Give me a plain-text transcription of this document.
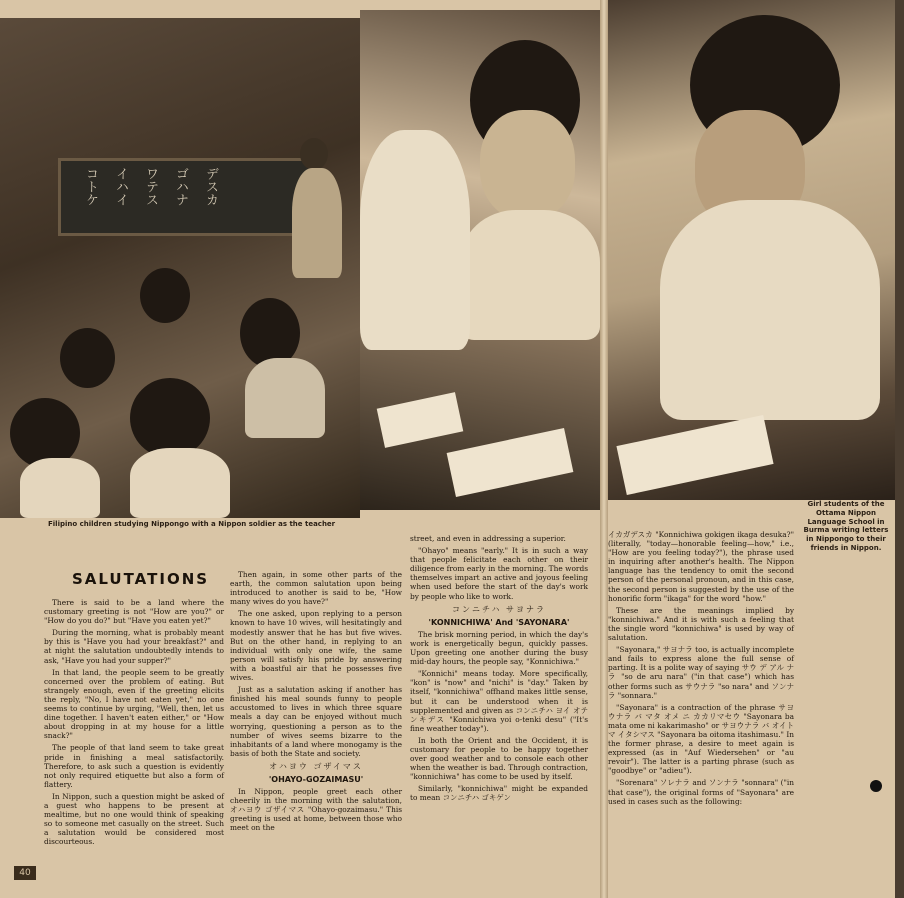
コトケ イハイ ワテス ゴハナ デスカ
Filipino children studying Nippongo with a Nippon soldier as the teacher
Girl students of the Ottama Nippon Language School in Burma writing letters in Nippongo to their friends in Nippon.
SALUTATIONS

There is said to be a land where the customary greeting is not "How are you?" or "How do you do?" but "Have you eaten yet?"

During the morning, what is probably meant by this is "Have you had your breakfast?" and at night the salutation undoubtedly intends to ask, "Have you had your supper?"

In that land, the people seem to be greatly concerned over the problem of eating. But strangely enough, even if the greeting elicits the reply, "No, I have not eaten yet," no one seems to continue by urging, "Well, then, let us dine together. I haven't eaten either," or "How about dropping in at my house for a little snack?"

The people of that land seem to take great pride in finishing a meal satisfactorily. Therefore, to ask such a question is evidently not only required etiquette but also a form of flattery.

In Nippon, such a question might be asked of a guest who happens to be present at mealtime, but no one would think of speaking so to someone met casually on the street. Such a salutation would be considered most discourteous.

Then again, in some other parts of the earth, the common salutation upon being introduced to another is said to be, "How many wives do you have?"

The one asked, upon replying to a person known to have 10 wives, will hesitatingly and modestly answer that he has but five wives. But on the other hand, in replying to an individual with only one wife, the same person will satisfy his pride by answering with a boastful air that he possesses five wives.

Just as a salutation asking if another has finished his meal sounds funny to people accustomed to lives in which three square meals a day can be enjoyed without much worrying, questioning a person as to the number of wives seems bizarre to the inhabitants of a land where monogamy is the basis of both the State and society.

オハヨウ ゴザイマス
'OHAYO-GOZAIMASU'

In Nippon, people greet each other cheerily in the morning with the salutation, オハヨウ ゴザイマス "Ohayo-gozaimasu." This greeting is used at home, between those who meet on the

street, and even in addressing a superior.

"Ohayo" means "early." It is in such a way that people felicitate each other on their diligence from early in the morning. The words themselves impart an active and joyous feeling when used before the start of the day's work by people who like to work.

コンニチハ サヨナラ
'KONNICHIWA' And 'SAYONARA'

The brisk morning period, in which the day's work is energetically begun, quickly passes. Upon greeting one another during the busy mid-day hours, the people say, "Konnichiwa."

"Konnichi" means today. More specifically, "kon" is "now" and "nichi" is "day." Taken by itself, "konnichiwa" offhand makes little sense, but it can be understood when it is supplemented and given as コンニチハ ヨイ オテンキデス "Konnichiwa yoi o-tenki desu" ("It's fine weather today").

In both the Orient and the Occident, it is customary for people to be happy together over good weather and to console each other when the weather is bad. Through contraction, "konnichiwa" has come to be used by itself.

Similarly, "konnichiwa" might be expanded to mean コンニチハ ゴキゲン

イカガデスカ "Konnichiwa gokigen ikaga desuka?" (literally, "today—honorable feeling—how," i.e., "How are you feeling today?"), the phrase used in inquiring after another's health. The Nippon language has the tendency to omit the second person of the personal pronoun, and in this case, the second person is suggested by the use of the honorific form "ikaga" for the word "how."

These are the meanings implied by "konnichiwa." And it is with such a feeling that the single word "konnichiwa" is used by way of salutation.

"Sayonara," サヨナラ too, is actually incomplete and fails to express alone the full sense of parting. It is a polite way of saying サウ デ アル ナラ "so de aru nara" ("in that case") which has other forms such as サウナラ "so nara" and ソンナラ "sonnara."

"Sayonara" is a contraction of the phrase サヨウナラ バ マタ オメ ニ カカリマセウ "Sayonara ba mata ome ni kakarimasho" or サヨウナラ バ オイトマ イタシマス "Sayonara ba oitoma itashimasu." In the former phrase, a desire to meet again is expressed (as in "Auf Wiedersehen" or "au revoir"). The latter is a parting phrase (such as "goodbye" or "adieu").

"Sorenara" ソレナラ and ソンナラ "sonnara" ("in that case"), the original forms of "Sayonara" are used in cases such as the following:

40
